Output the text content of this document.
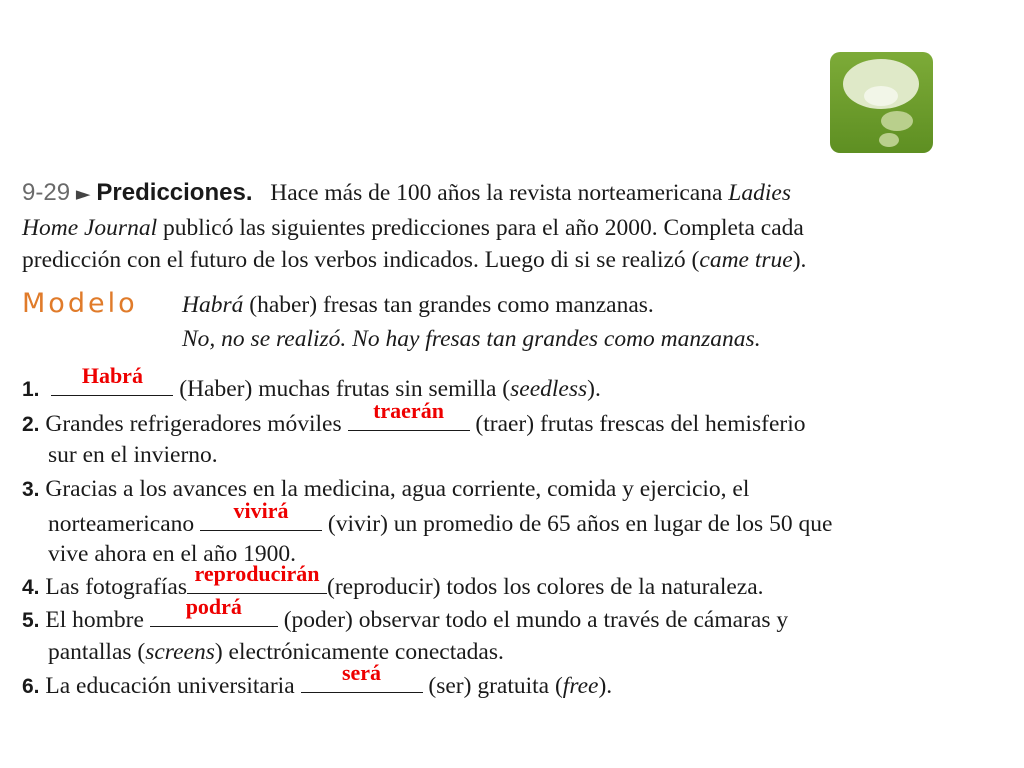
9-29 ► Predicciones. Hace más de 100 años la revista norteamericana Ladies
Home Journal publicó las siguientes predicciones para el año 2000. Completa cada
predicción con el futuro de los verbos indicados. Luego di si se realizó (came true).
Modelo Habrá (haber) fresas tan grandes como manzanas.
No, no se realizó. No hay fresas tan grandes como manzanas.
1.
Habrá
(Haber) muchas frutas sin semilla (seedless).
2. Grandes refrigeradores móviles
traerán
(traer) frutas frescas del hemisferio
sur en el invierno.
3. Gracias a los avances en la medicina, agua corriente, comida y ejercicio, el
norteamericano
vivirá
(vivir) un promedio de 65 años en lugar de los 50 que
vive ahora en el año 1900.
4. Las fotografías
reproducirán
(reproducir) todos los colores de la naturaleza.
5. El hombre
podrá
(poder) observar todo el mundo a través de cámaras y
pantallas (screens) electrónicamente conectadas.
6. La educación universitaria
será
(ser) gratuita (free).
